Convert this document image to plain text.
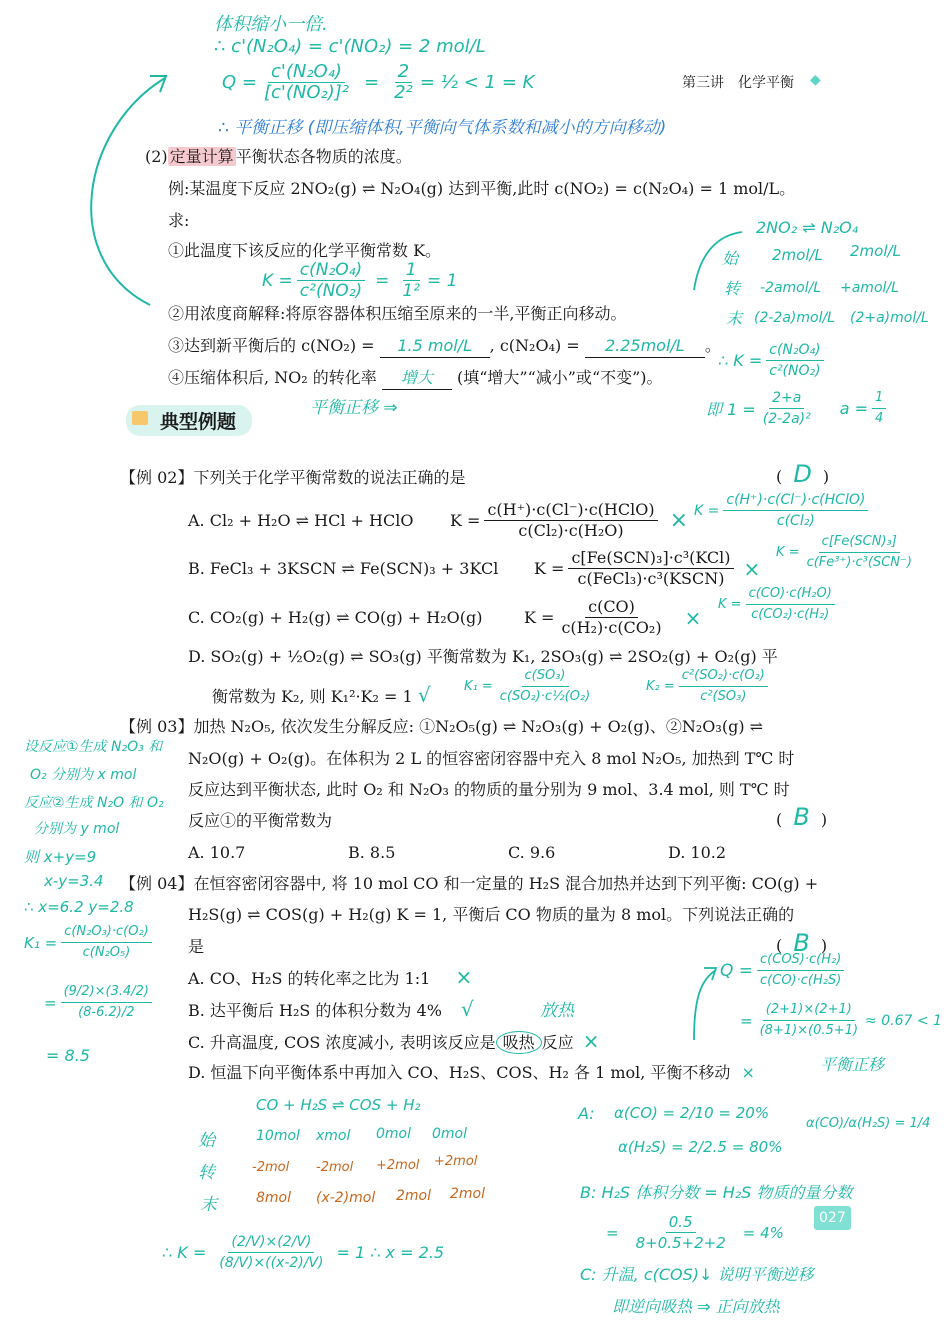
第三讲　化学平衡 ◆
体积缩小一倍.
∴ c'(N₂O₄) = c'(NO₂) = 2 mol/L
$Q = \frac{\text{c'(N₂O₄)}}{\text{[c'(NO₂)]²}} = \frac{2}{\text{2²}}$ = ½ < 1 = K
∴ 平衡正移 (即压缩体积,平衡向气体系数和减小的方向移动)
(2) 定量计算 平衡状态各物质的浓度。
例:某温度下反应 2NO₂(g) ⇌ N₂O₄(g) 达到平衡,此时 c(NO₂) = c(N₂O₄) = 1 mol/L。
求:
①此温度下该反应的化学平衡常数 K。
$K = \frac{\text{c(N₂O₄)}}{\text{c²(NO₂)}} = \frac{1}{\text{1²}} = 1$
②用浓度商解释:将原容器体积压缩至原来的一半,平衡正向移动。
③达到新平衡后的 c(NO₂) = 1.5 mol/L , c(N₂O₄) = 2.25mol/L 。
④压缩体积后, NO₂ 的转化率 增大 (填“增大”“减小”或“不变”)。
平衡正移 ⇒
2NO₂ ⇌ N₂O₄
始 2mol/L 2mol/L
转 -2amol/L +amol/L
末 (2-2a)mol/L (2+a)mol/L
∴ $K = \frac{\text{c(N₂O₄)}}{\text{c²(NO₂)}}$
即 $1 = \frac{2+a}{\text{(2-2a)²}}$ $a = \frac{1}{4}$
典型例题
【例 02】下列关于化学平衡常数的说法正确的是	( D )
A. Cl₂ + H₂O ⇌ HCl + HClO	$K = \frac{\text{c(H⁺)·c(Cl⁻)·c(HClO)}}{\text{c(Cl₂)·c(H₂O)}} \times K = \frac{\text{c(H⁺)·c(Cl⁻)·c(HClO)}}{\text{c(Cl₂)}}$
B. FeCl₃ + 3KSCN ⇌ Fe(SCN)₃ + 3KCl	$K = \frac{\text{c[Fe(SCN)₃]·c³(KCl)}}{\text{c(FeCl₃)·c³(KSCN)}}$ ×
$K = \frac{\text{c[Fe(SCN)₃]}}{\text{c(Fe³⁺)·c³(SCN⁻)}}$
C. CO₂(g) + H₂(g) ⇌ CO(g) + H₂O(g)	$K = \frac{c(CO)}{\text{c(H₂)·c(CO₂)}}$ ×
$K = \frac{\text{c(CO)·c(H₂O)}}{\text{c(CO₂)·c(H₂)}}$
D. SO₂(g) + ½O₂(g) ⇌ SO₃(g) 平衡常数为 K₁, 2SO₃(g) ⇌ 2SO₂(g) + O₂(g) 平
衡常数为 K₂, 则 K₁²·K₂ = 1 √	$K_1 = \frac{\text{c(SO₃)}}{\text{c(SO₂)·c½(O₂)}}$	$K_2 = \frac{\text{c²(SO₂)·c(O₂)}}{\text{c²(SO₃)}}$
【例 03】加热 N₂O₅, 依次发生分解反应: ①N₂O₅(g) ⇌ N₂O₃(g) + O₂(g)、②N₂O₃(g) ⇌
N₂O(g) + O₂(g)。在体积为 2 L 的恒容密闭容器中充入 8 mol N₂O₅, 加热到 T℃ 时
反应达到平衡状态, 此时 O₂ 和 N₂O₃ 的物质的量分别为 9 mol、3.4 mol, 则 T℃ 时
反应①的平衡常数为	( B )
A. 10.7	B. 8.5	C. 9.6	D. 10.2
设反应①生成 N₂O₃ 和
O₂ 分别为 x mol
反应②生成 N₂O 和 O₂
分别为 y mol
则 x+y=9
x-y=3.4
∴ x=6.2 y=2.8
$K_1 = \frac{\text{c(N₂O₃)·c(O₂)}}{\text{c(N₂O₅)}}$
= $\frac{(9/2)\times(3.4/2)}{(8-6.2)/2}$
= 8.5
【例 04】在恒容密闭容器中, 将 10 mol CO 和一定量的 H₂S 混合加热并达到下列平衡: CO(g) +
H₂S(g) ⇌ COS(g) + H₂(g) K = 1, 平衡后 CO 物质的量为 8 mol。下列说法正确的
是	( B )
A. CO、H₂S 的转化率之比为 1:1 ×
B. 达平衡后 H₂S 的体积分数为 4% √	放热
C. 升高温度, COS 浓度减小, 表明该反应是 吸热 反应 ×
D. 恒温下向平衡体系中再加入 CO、H₂S、COS、H₂ 各 1 mol, 平衡不移动 ×
$Q = \frac{\text{c(COS)·c(H₂)}}{\text{c(CO)·c(H₂S)}}$
= $\frac{(2+1)\times(2+1)}{(8+1)\times(0.5+1)} \approx 0.67 < 1$
平衡正移
CO + H₂S ⇌ COS + H₂
始	10mol xmol 0mol 0mol
转	-2mol -2mol +2mol +2mol
末	8mol (x-2)mol 2mol 2mol
∴ $K = \frac{(2/V)\times(2/V)}{(8/V)\times((x-2)/V)} = 1$ ∴ x = 2.5
A: α(CO) = 2/10 = 20%
α(H₂S) = 2/2.5 = 80%
α(CO)/α(H₂S) = 1/4
B: H₂S 体积分数 = H₂S 物质的量分数
= $\frac{0.5}{8+0.5+2+2} = 4\%$
C: 升温, c(COS)↓ 说明平衡逆移
即逆向吸热 ⇒ 正向放热
027
